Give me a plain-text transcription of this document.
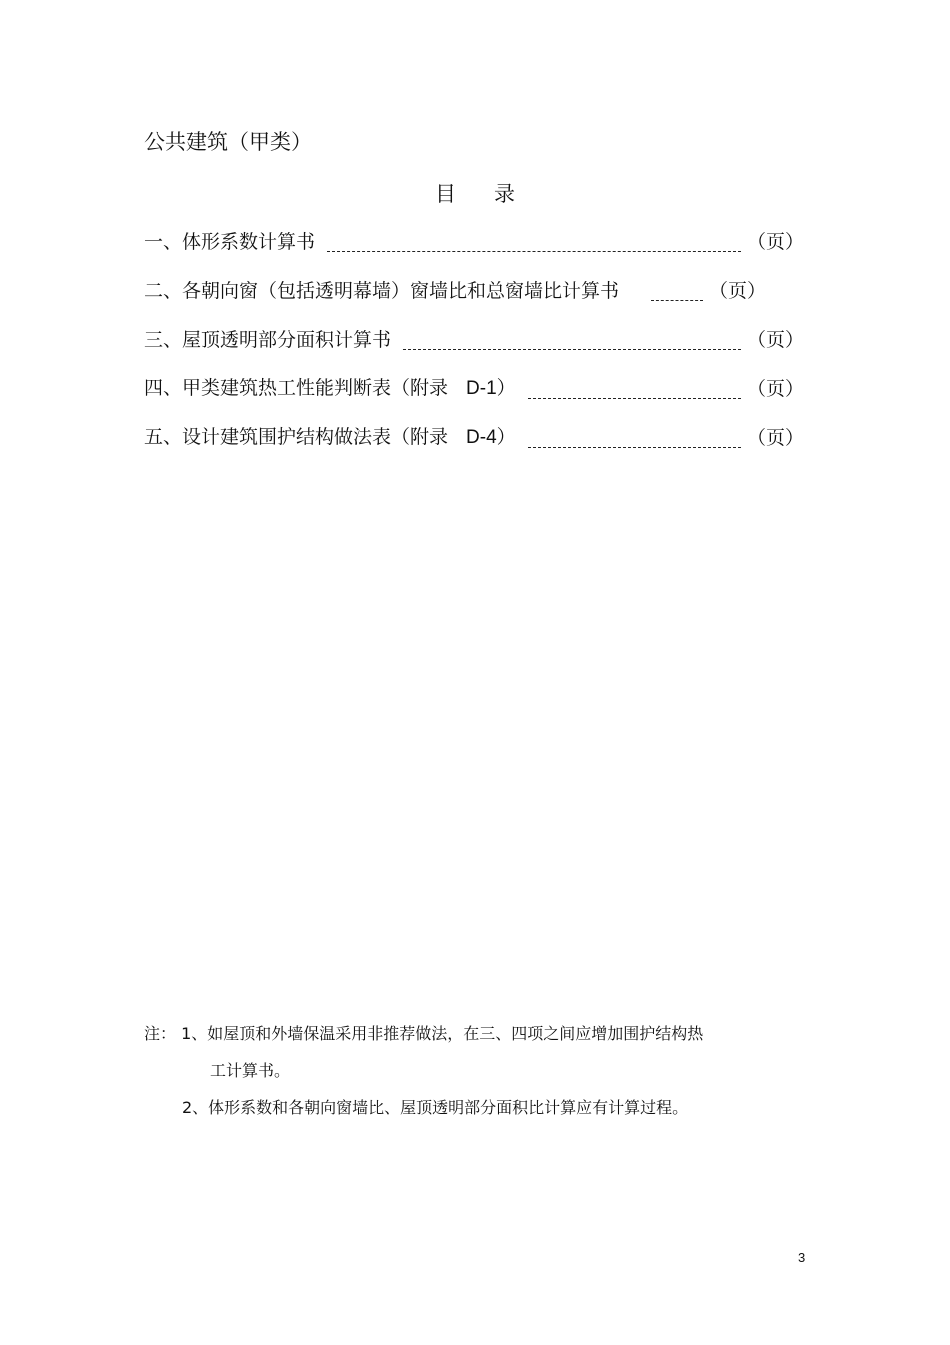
公共建筑（甲类）
目 录
一、体形系数计算书	（页）
二、各朝向窗（包括透明幕墙）窗墙比和总窗墙比计算书	（页）
三、屋顶透明部分面积计算书	（页）
四、甲类建筑热工性能判断表（附录 D-1）	（页）
五、设计建筑围护结构做法表（附录 D-4）	（页）
注： 1、如屋顶和外墙保温采用非推荐做法，在三、四项之间应增加围护结构热
工计算书。
2、体形系数和各朝向窗墙比、屋顶透明部分面积比计算应有计算过程。
3
